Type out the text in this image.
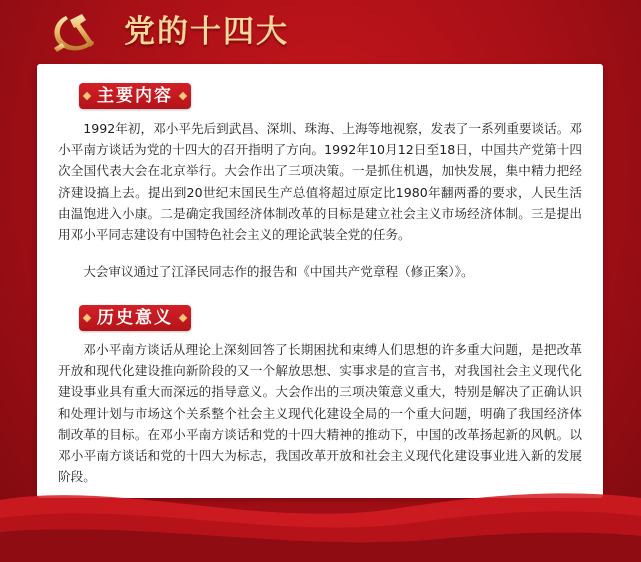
党的十四大
主要内容

1992年初，邓小平先后到武昌、深圳、珠海、上海等地视察，发表了一系列重要谈话。邓小平南方谈话为党的十四大的召开指明了方向。1992年10月12日至18日，中国共产党第十四次全国代表大会在北京举行。大会作出了三项决策。一是抓住机遇，加快发展，集中精力把经济建设搞上去。提出到20世纪末国民生产总值将超过原定比1980年翻两番的要求，人民生活由温饱进入小康。二是确定我国经济体制改革的目标是建立社会主义市场经济体制。三是提出用邓小平同志建设有中国特色社会主义的理论武装全党的任务。

大会审议通过了江泽民同志作的报告和《中国共产党章程（修正案）》。

历史意义

邓小平南方谈话从理论上深刻回答了长期困扰和束缚人们思想的许多重大问题，是把改革开放和现代化建设推向新阶段的又一个解放思想、实事求是的宣言书，对我国社会主义现代化建设事业具有重大而深远的指导意义。大会作出的三项决策意义重大，特别是解决了正确认识和处理计划与市场这个关系整个社会主义现代化建设全局的一个重大问题，明确了我国经济体制改革的目标。在邓小平南方谈话和党的十四大精神的推动下，中国的改革扬起新的风帆。以邓小平南方谈话和党的十四大为标志，我国改革开放和社会主义现代化建设事业进入新的发展阶段。
